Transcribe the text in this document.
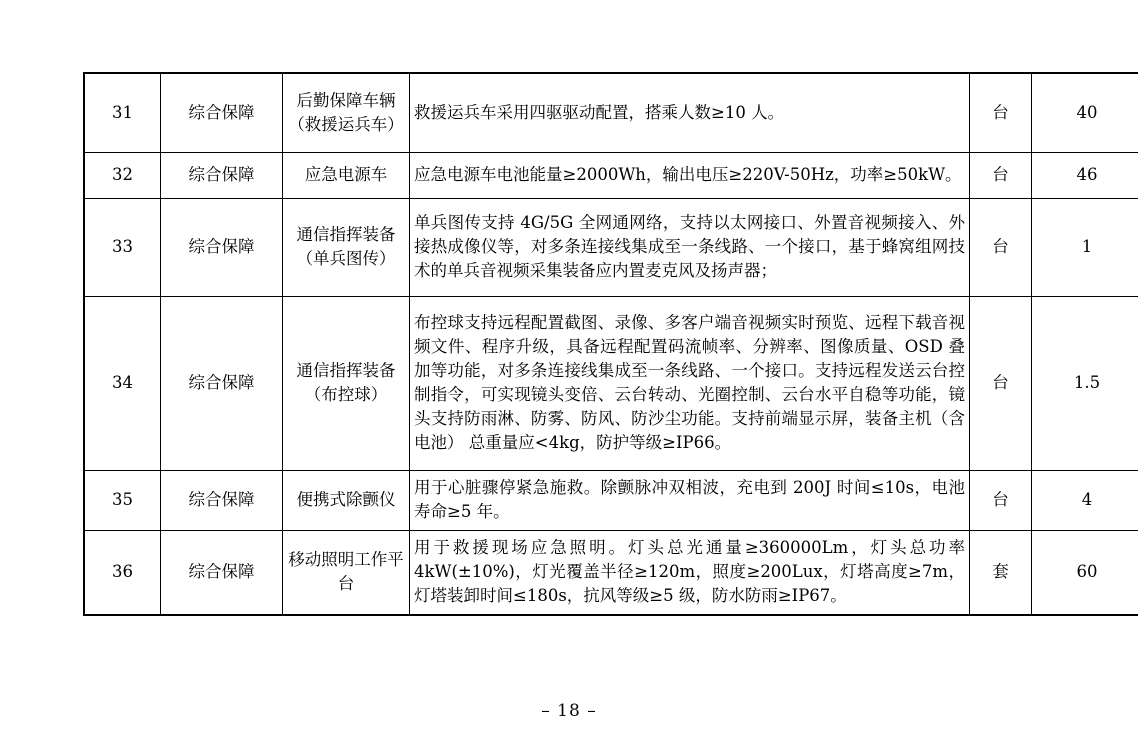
31	综合保障	后勤保障车辆（救援运兵车）	救援运兵车采用四驱驱动配置，搭乘人数≥10 人。	台	40
32	综合保障	应急电源车	应急电源车电池能量≥2000Wh，输出电压≥220V-50Hz，功率≥50kW。	台	46
33	综合保障	通信指挥装备（单兵图传）	单兵图传支持 4G/5G 全网通网络，支持以太网接口、外置音视频接入、外接热成像仪等，对多条连接线集成至一条线路、一个接口，基于蜂窝组网技术的单兵音视频采集装备应内置麦克风及扬声器；	台	1
34	综合保障	通信指挥装备（布控球）	布控球支持远程配置截图、录像、多客户端音视频实时预览、远程下载音视频文件、程序升级，具备远程配置码流帧率、分辨率、图像质量、OSD 叠加等功能，对多条连接线集成至一条线路、一个接口。支持远程发送云台控制指令，可实现镜头变倍、云台转动、光圈控制、云台水平自稳等功能，镜头支持防雨淋、防雾、防风、防沙尘功能。支持前端显示屏，装备主机（含电池） 总重量应<4kg，防护等级≥IP66。	台	1.5
35	综合保障	便携式除颤仪	用于心脏骤停紧急施救。除颤脉冲双相波，充电到 200J 时间≤10s，电池寿命≥5 年。	台	4
36	综合保障	移动照明工作平台	用于救援现场应急照明。灯头总光通量≥360000Lm，灯头总功率 4kW(±10%)，灯光覆盖半径≥120m，照度≥200Lux，灯塔高度≥7m，灯塔装卸时间≤180s，抗风等级≥5 级，防水防雨≥IP67。	套	60
– 18 –
